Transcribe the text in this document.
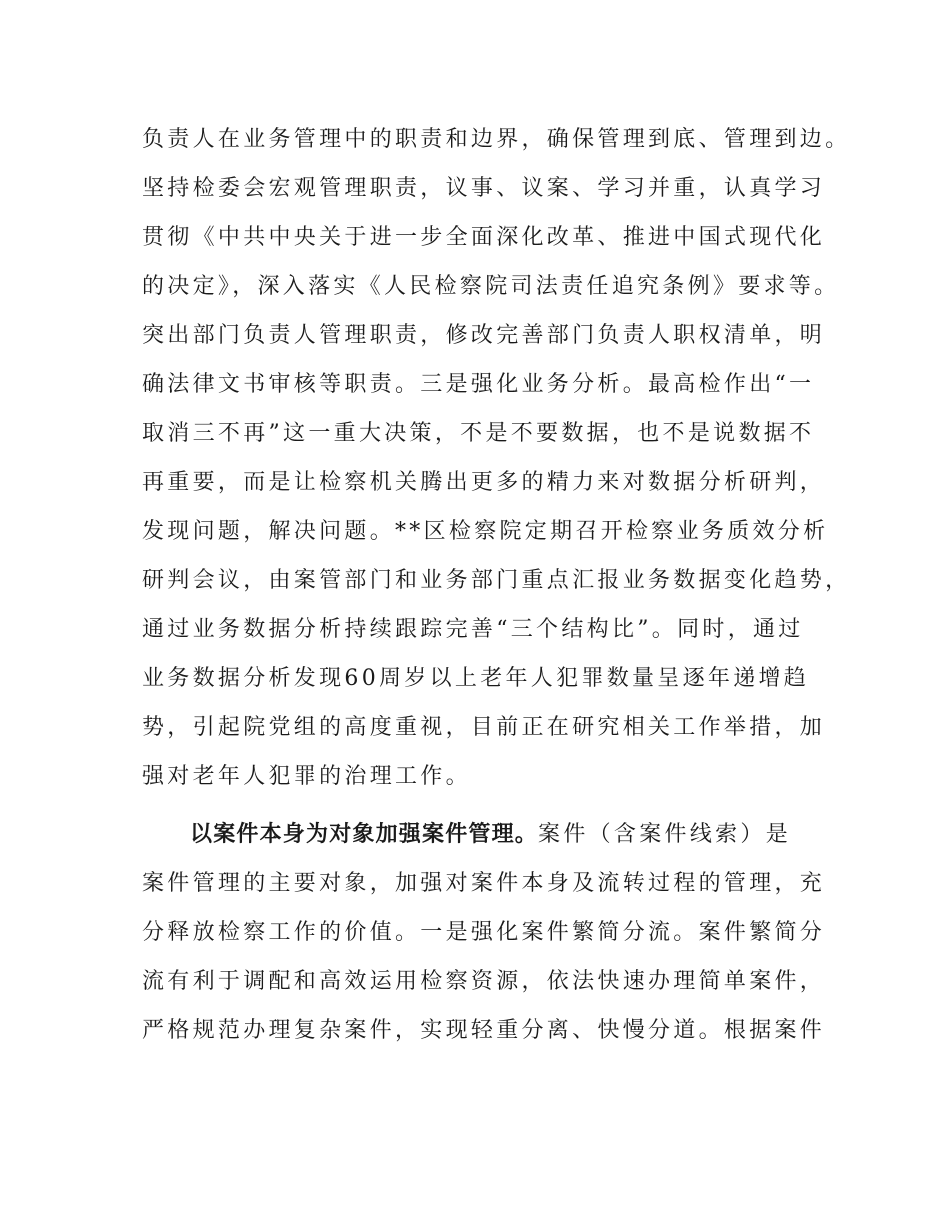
负责人在业务管理中的职责和边界，确保管理到底、管理到边。
坚持检委会宏观管理职责，议事、议案、学习并重，认真学习
贯彻《中共中央关于进一步全面深化改革、推进中国式现代化
的决定》，深入落实《人民检察院司法责任追究条例》要求等。
突出部门负责人管理职责，修改完善部门负责人职权清单，明
确法律文书审核等职责。三是强化业务分析。最高检作出“一
取消三不再”这一重大决策，不是不要数据，也不是说数据不
再重要，而是让检察机关腾出更多的精力来对数据分析研判，
发现问题，解决问题。**区检察院定期召开检察业务质效分析
研判会议，由案管部门和业务部门重点汇报业务数据变化趋势，
通过业务数据分析持续跟踪完善“三个结构比”。同时，通过
业务数据分析发现60周岁以上老年人犯罪数量呈逐年递增趋
势，引起院党组的高度重视，目前正在研究相关工作举措，加
强对老年人犯罪的治理工作。
以案件本身为对象加强案件管理。案件（含案件线索）是
案件管理的主要对象，加强对案件本身及流转过程的管理，充
分释放检察工作的价值。一是强化案件繁简分流。案件繁简分
流有利于调配和高效运用检察资源，依法快速办理简单案件，
严格规范办理复杂案件，实现轻重分离、快慢分道。根据案件
